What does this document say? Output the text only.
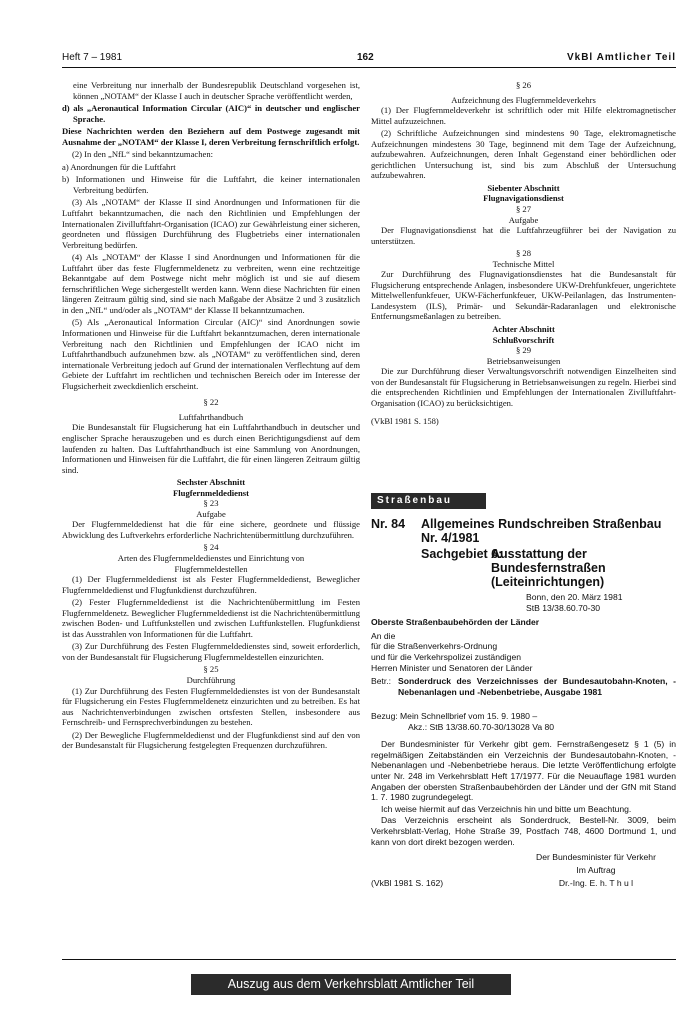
Heft 7 – 1981	162	VkBl Amtlicher Teil

eine Verbreitung nur innerhalb der Bundesrepublik Deutschland vorgesehen ist, können „NOTAM“ der Klasse I auch in deutscher Sprache veröffentlicht werden,

d) als „Aeronautical Information Circular (AIC)“ in deutscher und englischer Sprache.

Diese Nachrichten werden den Beziehern auf dem Postwege zugesandt mit Ausnahme der „NOTAM“ der Klasse I, deren Verbreitung fernschriftlich erfolgt.

(2) In den „NfL“ sind bekanntzumachen:

a) Anordnungen für die Luftfahrt

b) Informationen und Hinweise für die Luftfahrt, die keiner internationalen Verbreitung bedürfen.

(3) Als „NOTAM“ der Klasse II sind Anordnungen und Informationen für die Luftfahrt bekanntzumachen, die nach den Richtlinien und Empfehlungen der Internationalen Zivilluftfahrt-Organisation (ICAO) zur Gewährleistung einer sicheren, geordneten und flüssigen Durchführung des Flugbetriebs einer internationalen Verbreitung bedürfen.

(4) Als „NOTAM“ der Klasse I sind Anordnungen und Informationen für die Luftfahrt über das feste Flugfernmeldenetz zu verbreiten, wenn eine rechtzeitige Bekanntgabe auf dem Postwege nicht mehr möglich ist und sie auf diesem fernschriftlichen Wege sichergestellt werden kann. Wenn diese Nachrichten für einen längeren Zeitraum gültig sind, sind sie nach Maßgabe der Absätze 2 und 3 zusätzlich in den „NfL“ und/oder als „NOTAM“ der Klasse II bekanntzumachen.

(5) Als „Aeronautical Information Circular (AIC)“ sind Anordnungen sowie Informationen und Hinweise für die Luftfahrt bekanntzumachen, deren internationale Verbreitung nach den Richtlinien und Empfehlungen der ICAO nicht im Luftfahrthandbuch aufzunehmen bzw. als „NOTAM“ zu veröffentlichen sind, deren internationale Verbreitung jedoch auf Grund der internationalen Verflechtung auf dem Gebiete der Luftfahrt im rechtlichen und technischen Bereich oder im Interesse der Flugsicherheit zweckdienlich erscheint.

§ 22

Luftfahrthandbuch

Die Bundesanstalt für Flugsicherung hat ein Luftfahrthandbuch in deutscher und englischer Sprache herauszugeben und es durch einen Berichtigungsdienst auf dem laufenden zu halten. Das Luftfahrthandbuch ist eine Sammlung von Anordnungen, Informationen und Hinweisen für die Luftfahrt, die für einen längeren Zeitraum gültig sind.

Sechster Abschnitt

Flugfernmeldedienst

§ 23

Aufgabe

Der Flugfernmeldedienst hat die für eine sichere, geordnete und flüssige Abwicklung des Luftverkehrs erforderliche Nachrichtenübermittlung durchzuführen.

§ 24

Arten des Flugfernmeldedienstes und Einrichtung von Flugfernmeldestellen

(1) Der Flugfernmeldedienst ist als Fester Flugfernmeldedienst, Beweglicher Flugfernmeldedienst und Flugfunkdienst durchzuführen.

(2) Fester Flugfernmeldedienst ist die Nachrichtenübermittlung im Festen Flugfernmeldenetz. Beweglicher Flugfernmeldedienst ist die Nachrichtenübermittlung zwischen Boden- und Luftfunkstellen und zwischen Luftfunkstellen. Flugfunkdienst ist das Ausstrahlen von Informationen für die Luftfahrt.

(3) Zur Durchführung des Festen Flugfernmeldedienstes sind, soweit erforderlich, von der Bundesanstalt für Flugsicherung Flugfernmeldestellen einzurichten.

§ 25

Durchführung

(1) Zur Durchführung des Festen Flugfernmeldedienstes ist von der Bundesanstalt für Flugsicherung ein Festes Flugfernmeldenetz einzurichten und zu betreiben. Es hat aus Nachrichtenverbindungen zwischen ortsfesten Stellen, insbesondere aus Fernschreib- und Fernsprechverbindungen zu bestehen.

(2) Der Bewegliche Flugfernmeldedienst und der Flugfunkdienst sind auf den von der Bundesanstalt für Flugsicherung festgelegten Frequenzen durchzuführen.

§ 26

Aufzeichnung des Flugfernmeldeverkehrs

(1) Der Flugfernmeldeverkehr ist schriftlich oder mit Hilfe elektromagnetischer Mittel aufzuzeichnen.

(2) Schriftliche Aufzeichnungen sind mindestens 90 Tage, elektromagnetische Aufzeichnungen mindestens 30 Tage, beginnend mit dem Tage der Aufzeichnung, aufzubewahren. Aufzeichnungen, deren Inhalt Gegenstand einer behördlichen oder gerichtlichen Untersuchung ist, sind bis zum Abschluß der Untersuchung aufzubewahren.

Siebenter Abschnitt

Flugnavigationsdienst

§ 27

Aufgabe

Der Flugnavigationsdienst hat die Luftfahrzeugführer bei der Navigation zu unterstützen.

§ 28

Technische Mittel

Zur Durchführung des Flugnavigationsdienstes hat die Bundesanstalt für Flugsicherung entsprechende Anlagen, insbesondere UKW-Drehfunkfeuer, ungerichtete Mittelwellenfunkfeuer, UKW-Fächerfunkfeuer, UKW-Peilanlagen, das Instrumenten-Landesystem (ILS), Primär- und Sekundär-Radaranlagen und elektronische Entfernungsmeßanlagen zu betreiben.

Achter Abschnitt

Schlußvorschrift

§ 29

Betriebsanweisungen

Die zur Durchführung dieser Verwaltungsvorschrift notwendigen Einzelheiten sind von der Bundesanstalt für Flugsicherung in Betriebsanweisungen zu regeln. Hierbei sind die entsprechenden Richtlinien und Empfehlungen der Internationalen Zivilluftfahrt-Organisation (ICAO) zu berücksichtigen.

(VkBl 1981 S. 158)

Straßenbau
Nr. 84 Allgemeines Rundschreiben Straßenbau Nr. 4/1981
Sachgebiet 6:
Ausstattung der Bundesfernstraßen (Leiteinrichtungen)
Bonn, den 20. März 1981
StB 13/38.60.70-30
Oberste Straßenbaubehörden der Länder
An die
für die Straßenverkehrs-Ordnung
und für die Verkehrspolizei zuständigen
Herren Minister und Senatoren der Länder
Betr.: Sonderdruck des Verzeichnisses der Bundesautobahn-Knoten, -Nebenanlagen und -Nebenbetriebe, Ausgabe 1981
Bezug: Mein Schnellbrief vom 15. 9. 1980 –
Akz.: StB 13/38.60.70-30/13028 Va 80

Der Bundesminister für Verkehr gibt gem. Fernstraßengesetz § 1 (5) in regelmäßigen Zeitabständen ein Verzeichnis der Bundesautobahn-Knoten, -Nebenanlagen und -Nebenbetriebe heraus. Die letzte Veröffentlichung erfolgte unter Nr. 248 im Verkehrsblatt Heft 17/1977. Für die Neuauflage 1981 wurden Angaben der obersten Straßenbaubehörden der Länder und der GfN mit Stand 1. 7. 1980 zugrundegelegt.

Ich weise hiermit auf das Verzeichnis hin und bitte um Beachtung.

Das Verzeichnis erscheint als Sonderdruck, Bestell-Nr. 3009, beim Verkehrsblatt-Verlag, Hohe Straße 39, Postfach 748, 4600 Dortmund 1, und kann von dort direkt bezogen werden.

Der Bundesminister für Verkehr
Im Auftrag
(VkBl 1981 S. 162)	Dr.-Ing. E. h. T h u l
Auszug aus dem Verkehrsblatt Amtlicher Teil
